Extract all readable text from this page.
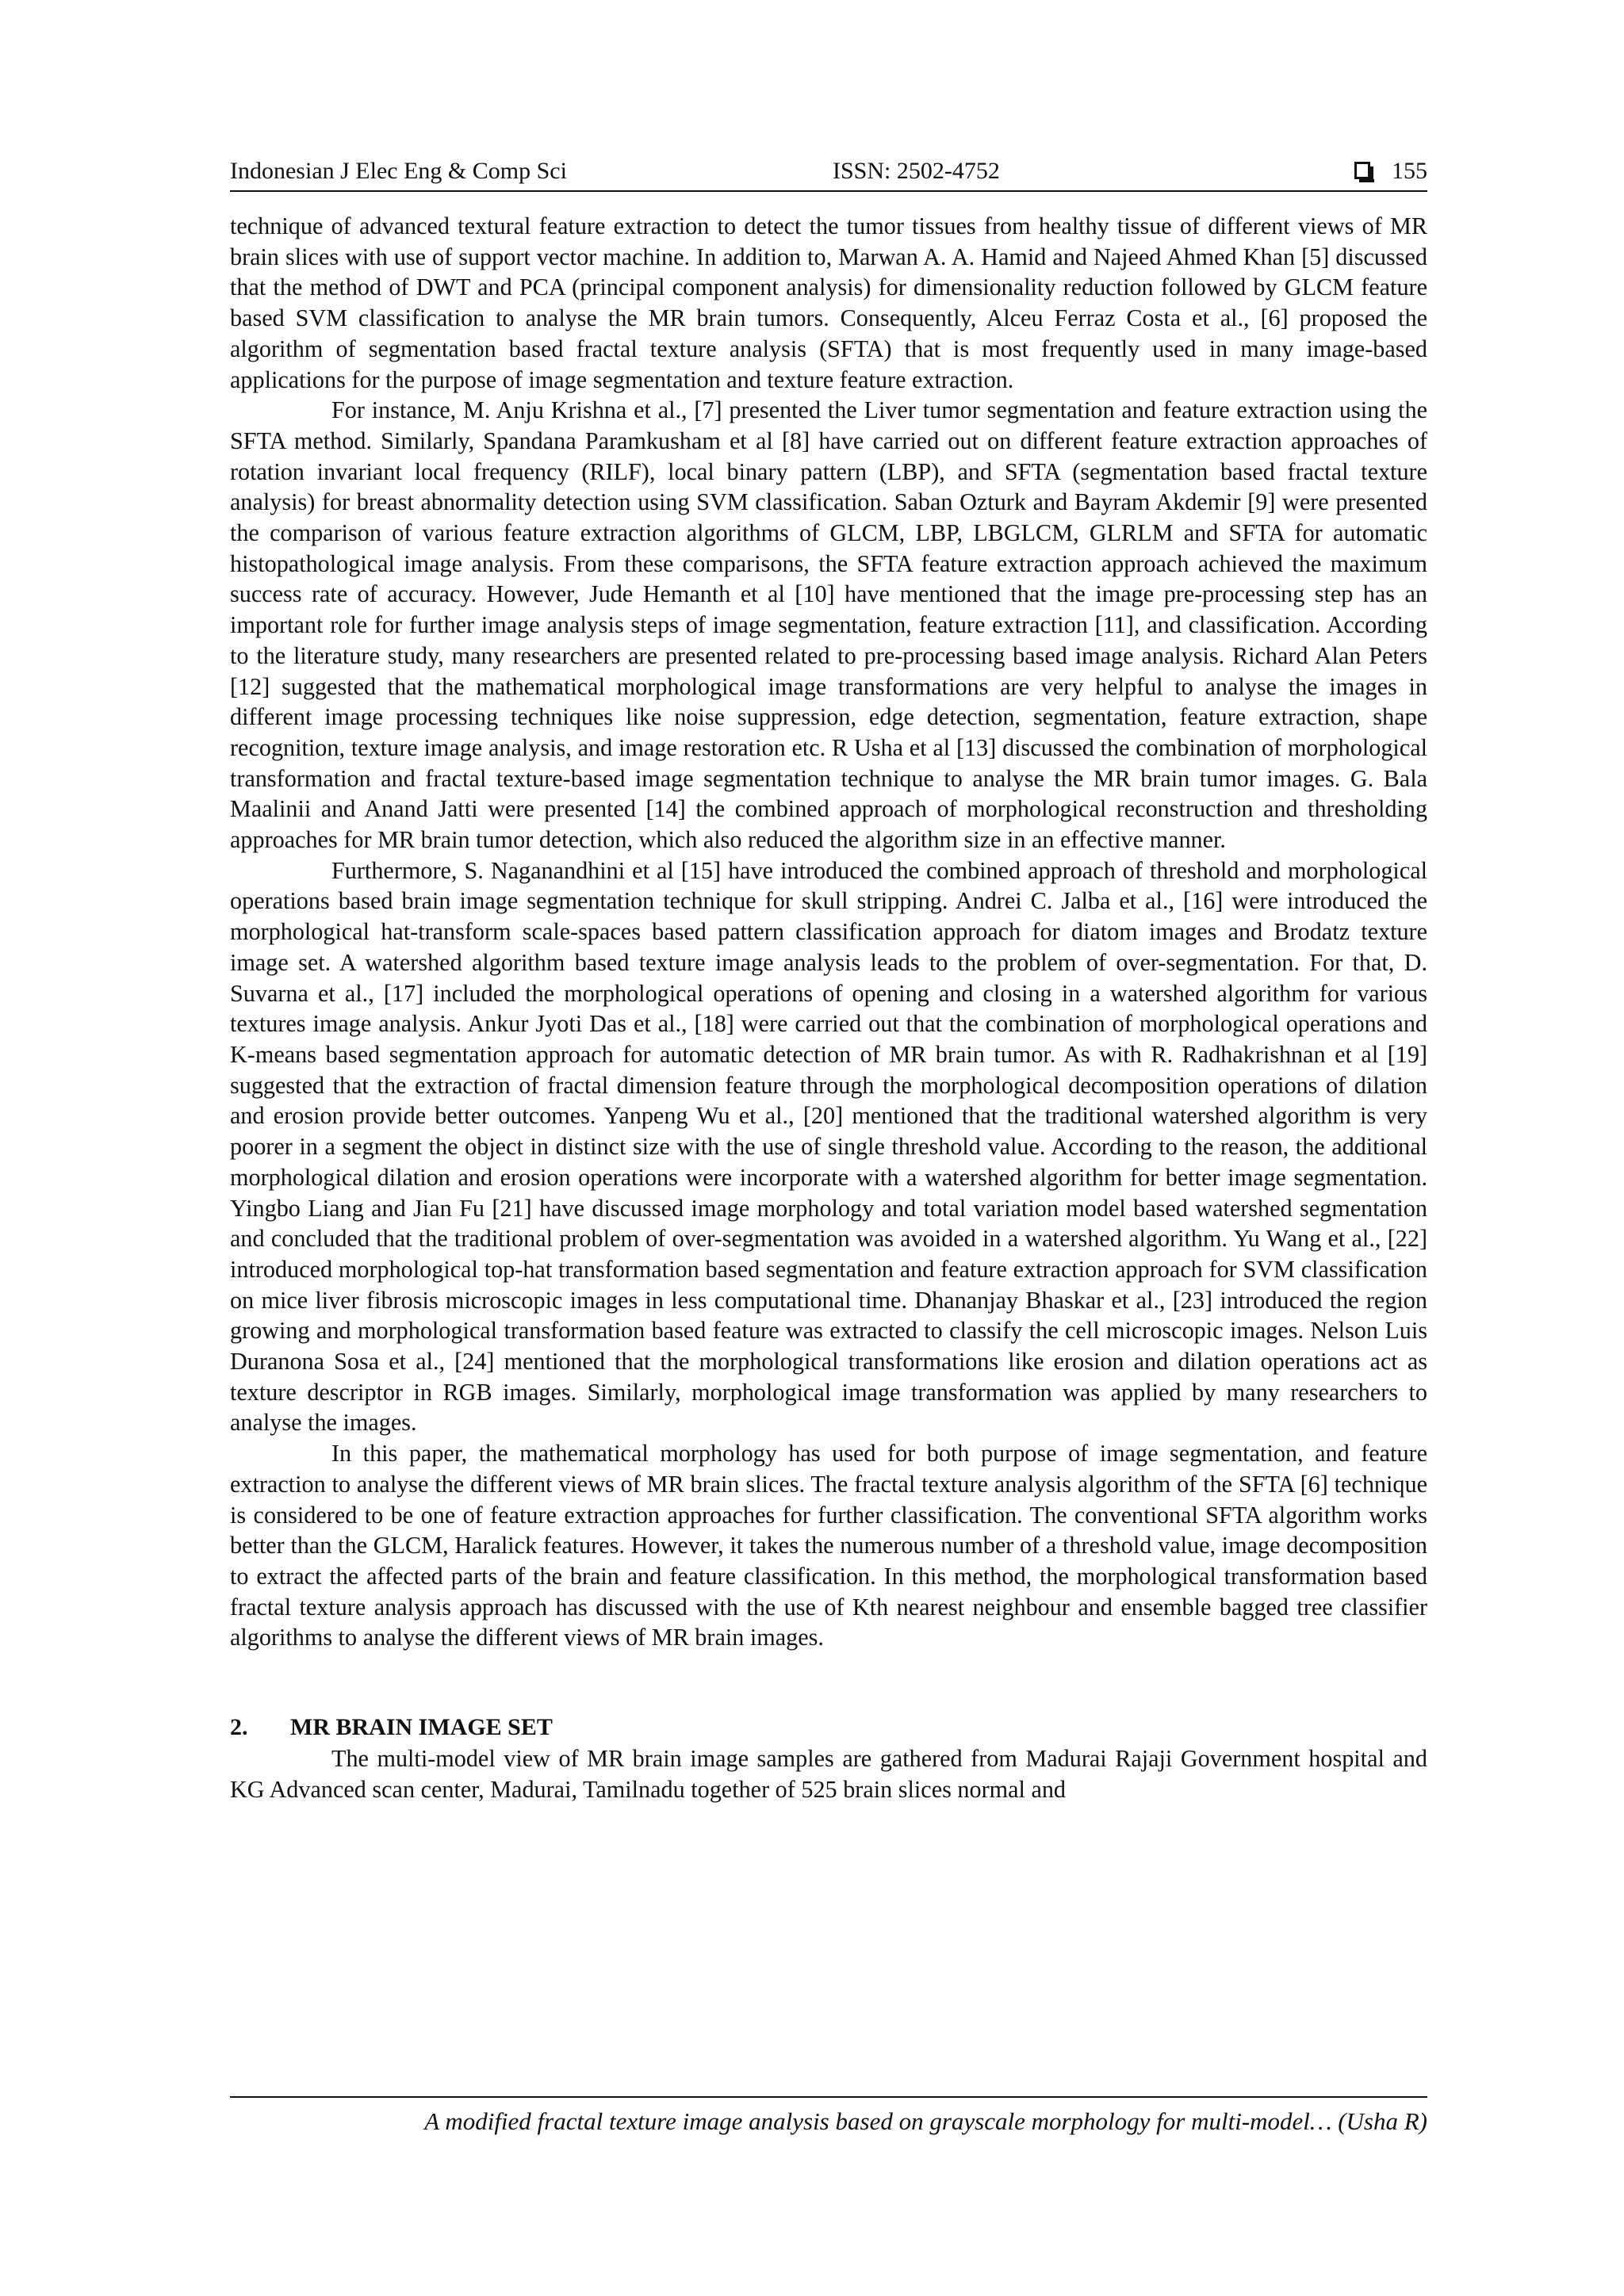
Indonesian J Elec Eng & Comp Sci	ISSN: 2502-4752	155

technique of advanced textural feature extraction to detect the tumor tissues from healthy tissue of different views of MR brain slices with use of support vector machine. In addition to, Marwan A. A. Hamid and Najeed Ahmed Khan [5] discussed that the method of DWT and PCA (principal component analysis) for dimensionality reduction followed by GLCM feature based SVM classification to analyse the MR brain tumors. Consequently, Alceu Ferraz Costa et al., [6] proposed the algorithm of segmentation based fractal texture analysis (SFTA) that is most frequently used in many image-based applications for the purpose of image segmentation and texture feature extraction.

For instance, M. Anju Krishna et al., [7] presented the Liver tumor segmentation and feature extraction using the SFTA method. Similarly, Spandana Paramkusham et al [8] have carried out on different feature extraction approaches of rotation invariant local frequency (RILF), local binary pattern (LBP), and SFTA (segmentation based fractal texture analysis) for breast abnormality detection using SVM classification. Saban Ozturk and Bayram Akdemir [9] were presented the comparison of various feature extraction algorithms of GLCM, LBP, LBGLCM, GLRLM and SFTA for automatic histopathological image analysis. From these comparisons, the SFTA feature extraction approach achieved the maximum success rate of accuracy. However, Jude Hemanth et al [10] have mentioned that the image pre-processing step has an important role for further image analysis steps of image segmentation, feature extraction [11], and classification. According to the literature study, many researchers are presented related to pre-processing based image analysis. Richard Alan Peters [12] suggested that the mathematical morphological image transformations are very helpful to analyse the images in different image processing techniques like noise suppression, edge detection, segmentation, feature extraction, shape recognition, texture image analysis, and image restoration etc. R Usha et al [13] discussed the combination of morphological transformation and fractal texture-based image segmentation technique to analyse the MR brain tumor images. G. Bala Maalinii and Anand Jatti were presented [14] the combined approach of morphological reconstruction and thresholding approaches for MR brain tumor detection, which also reduced the algorithm size in an effective manner.

Furthermore, S. Naganandhini et al [15] have introduced the combined approach of threshold and morphological operations based brain image segmentation technique for skull stripping. Andrei C. Jalba et al., [16] were introduced the morphological hat-transform scale-spaces based pattern classification approach for diatom images and Brodatz texture image set. A watershed algorithm based texture image analysis leads to the problem of over-segmentation. For that, D. Suvarna et al., [17] included the morphological operations of opening and closing in a watershed algorithm for various textures image analysis. Ankur Jyoti Das et al., [18] were carried out that the combination of morphological operations and K-means based segmentation approach for automatic detection of MR brain tumor. As with R. Radhakrishnan et al [19] suggested that the extraction of fractal dimension feature through the morphological decomposition operations of dilation and erosion provide better outcomes. Yanpeng Wu et al., [20] mentioned that the traditional watershed algorithm is very poorer in a segment the object in distinct size with the use of single threshold value. According to the reason, the additional morphological dilation and erosion operations were incorporate with a watershed algorithm for better image segmentation. Yingbo Liang and Jian Fu [21] have discussed image morphology and total variation model based watershed segmentation and concluded that the traditional problem of over-segmentation was avoided in a watershed algorithm. Yu Wang et al., [22] introduced morphological top-hat transformation based segmentation and feature extraction approach for SVM classification on mice liver fibrosis microscopic images in less computational time. Dhananjay Bhaskar et al., [23] introduced the region growing and morphological transformation based feature was extracted to classify the cell microscopic images. Nelson Luis Duranona Sosa et al., [24] mentioned that the morphological transformations like erosion and dilation operations act as texture descriptor in RGB images. Similarly, morphological image transformation was applied by many researchers to analyse the images.

In this paper, the mathematical morphology has used for both purpose of image segmentation, and feature extraction to analyse the different views of MR brain slices. The fractal texture analysis algorithm of the SFTA [6] technique is considered to be one of feature extraction approaches for further classification. The conventional SFTA algorithm works better than the GLCM, Haralick features. However, it takes the numerous number of a threshold value, image decomposition to extract the affected parts of the brain and feature classification. In this method, the morphological transformation based fractal texture analysis approach has discussed with the use of Kth nearest neighbour and ensemble bagged tree classifier algorithms to analyse the different views of MR brain images.

2. MR BRAIN IMAGE SET

The multi-model view of MR brain image samples are gathered from Madurai Rajaji Government hospital and KG Advanced scan center, Madurai, Tamilnadu together of 525 brain slices normal and

A modified fractal texture image analysis based on grayscale morphology for multi-model… (Usha R)
